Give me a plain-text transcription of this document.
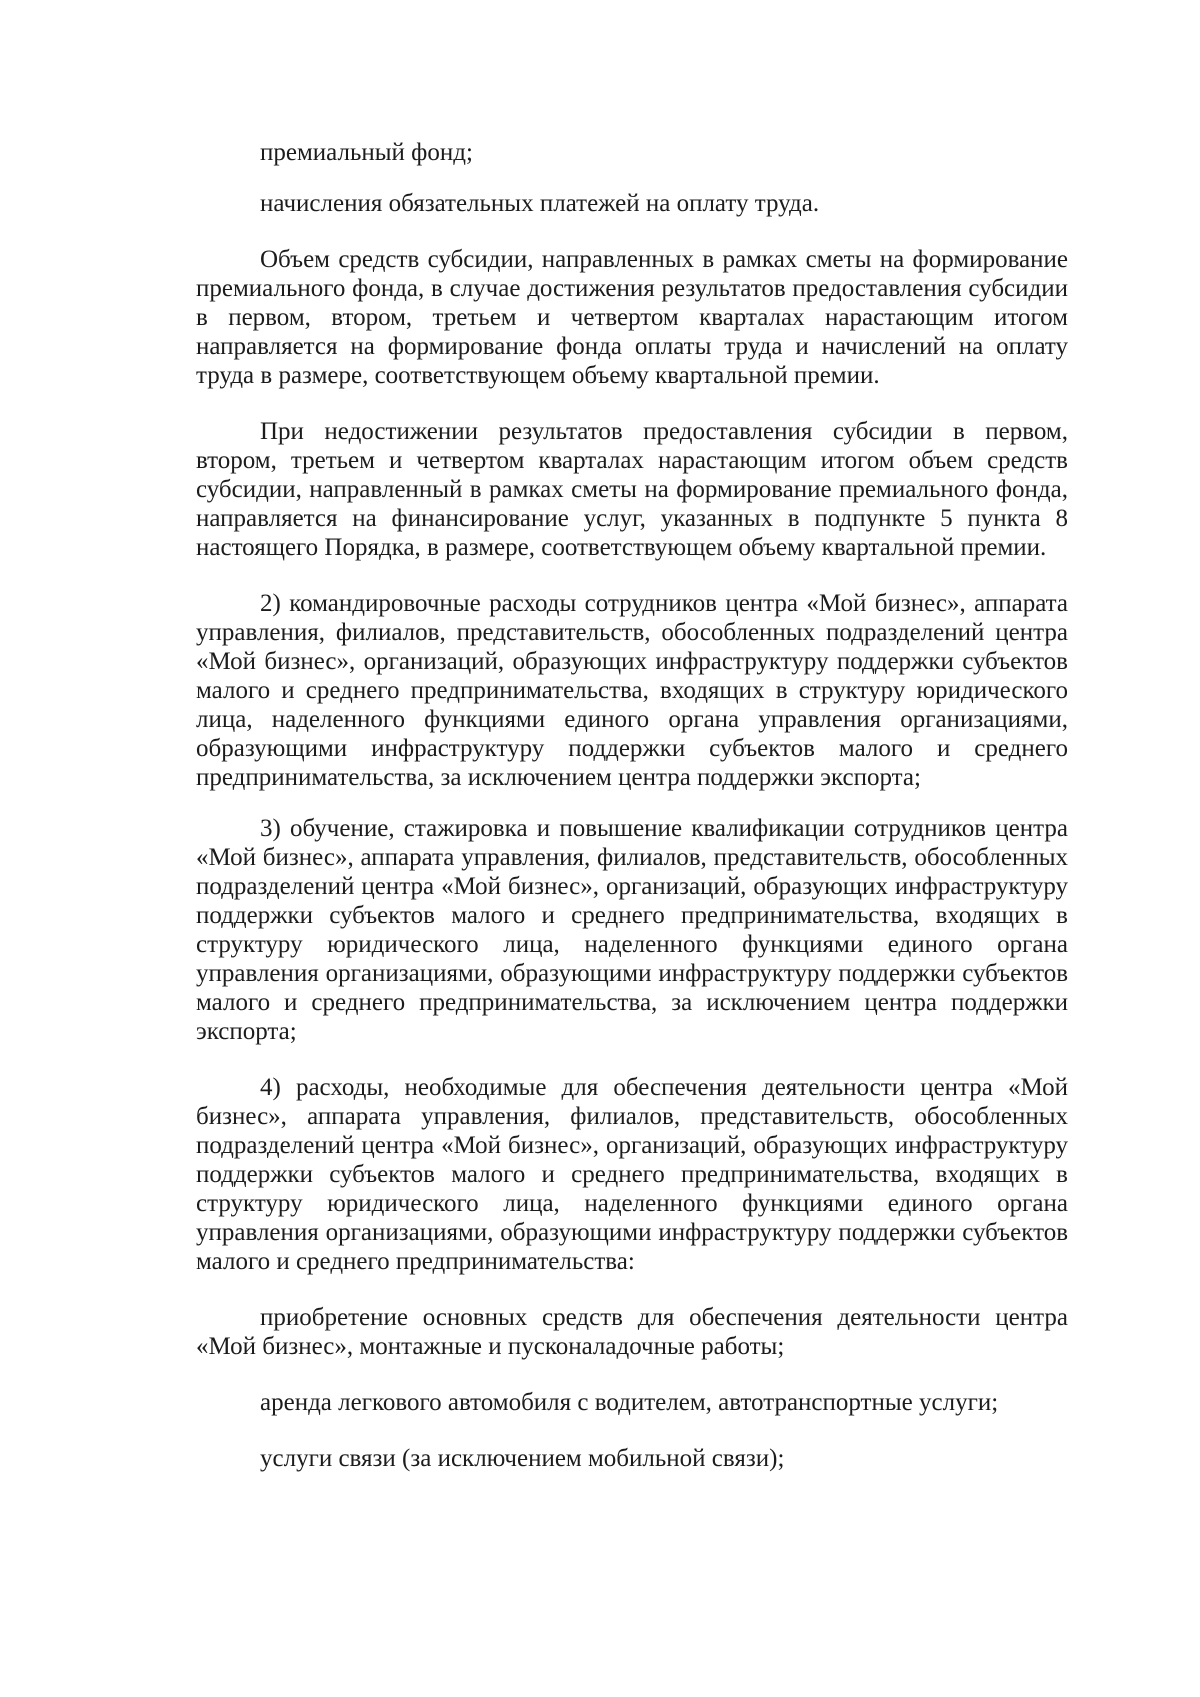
премиальный фонд;

начисления обязательных платежей на оплату труда.

Объем средств субсидии, направленных в рамках сметы на формирование премиального фонда, в случае достижения результатов предоставления субсидии в первом, втором, третьем и четвертом кварталах нарастающим итогом направляется на формирование фонда оплаты труда и начислений на оплату труда в размере, соответствующем объему квартальной премии.

При недостижении результатов предоставления субсидии в первом, втором, третьем и четвертом кварталах нарастающим итогом объем средств субсидии, направленный в рамках сметы на формирование премиального фонда, направляется на финансирование услуг, указанных в подпункте 5 пункта 8 настоящего Порядка, в размере, соответствующем объему квартальной премии.

2) командировочные расходы сотрудников центра «Мой бизнес», аппарата управления, филиалов, представительств, обособленных подразделений центра «Мой бизнес», организаций, образующих инфраструктуру поддержки субъектов малого и среднего предпринимательства, входящих в структуру юридического лица, наделенного функциями единого органа управления организациями, образующими инфраструктуру поддержки субъектов малого и среднего предпринимательства, за исключением центра поддержки экспорта;

3) обучение, стажировка и повышение квалификации сотрудников центра «Мой бизнес», аппарата управления, филиалов, представительств, обособленных подразделений центра «Мой бизнес», организаций, образующих инфраструктуру поддержки субъектов малого и среднего предпринимательства, входящих в структуру юридического лица, наделенного функциями единого органа управления организациями, образующими инфраструктуру поддержки субъектов малого и среднего предпринимательства, за исключением центра поддержки экспорта;

4) расходы, необходимые для обеспечения деятельности центра «Мой бизнес», аппарата управления, филиалов, представительств, обособленных подразделений центра «Мой бизнес», организаций, образующих инфраструктуру поддержки субъектов малого и среднего предпринимательства, входящих в структуру юридического лица, наделенного функциями единого органа управления организациями, образующими инфраструктуру поддержки субъектов малого и среднего предпринимательства:

приобретение основных средств для обеспечения деятельности центра «Мой бизнес», монтажные и пусконаладочные работы;

аренда легкового автомобиля с водителем, автотранспортные услуги;

услуги связи (за исключением мобильной связи);
